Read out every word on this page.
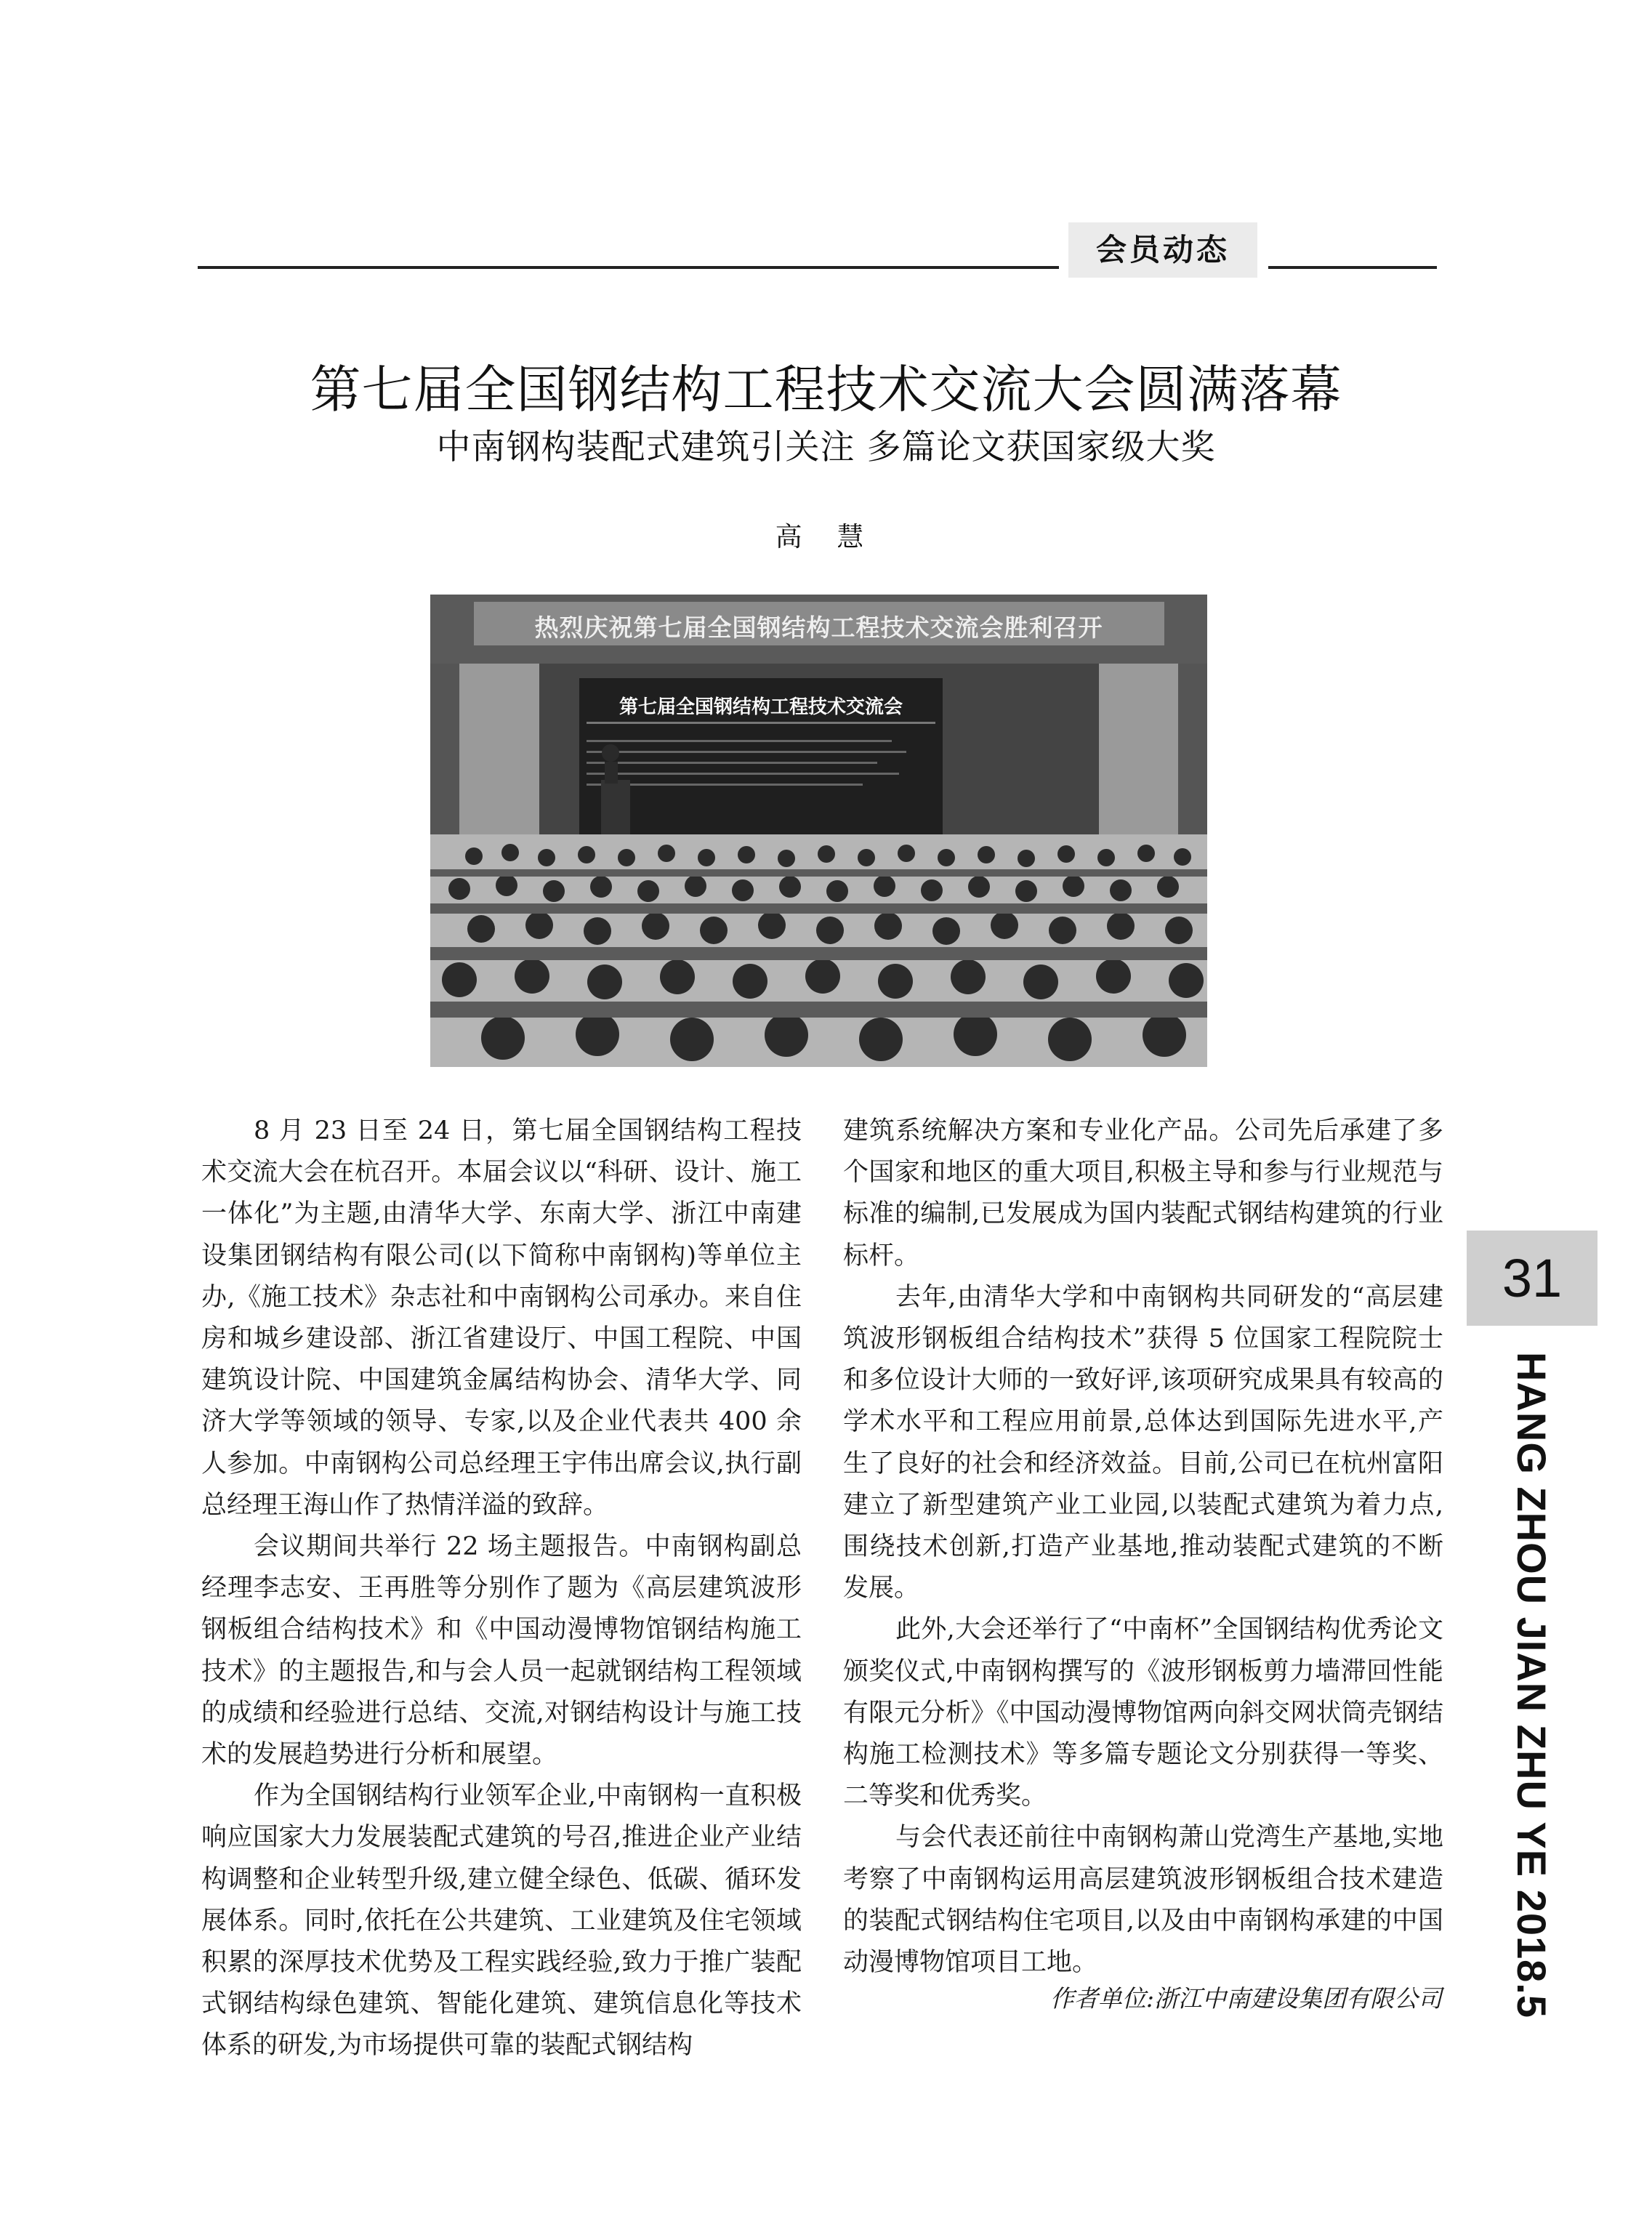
会员动态
第七届全国钢结构工程技术交流大会圆满落幕
中南钢构装配式建筑引关注 多篇论文获国家级大奖
高 慧
热烈庆祝第七届全国钢结构工程技术交流会胜利召开
第七届全国钢结构工程技术交流会

8 月 23 日至 24 日，第七届全国钢结构工程技术交流大会在杭召开。本届会议以“科研、设计、施工一体化”为主题,由清华大学、东南大学、浙江中南建设集团钢结构有限公司(以下简称中南钢构)等单位主办,《施工技术》杂志社和中南钢构公司承办。来自住房和城乡建设部、浙江省建设厅、中国工程院、中国建筑设计院、中国建筑金属结构协会、清华大学、同济大学等领域的领导、专家,以及企业代表共 400 余人参加。中南钢构公司总经理王宇伟出席会议,执行副总经理王海山作了热情洋溢的致辞。

会议期间共举行 22 场主题报告。中南钢构副总经理李志安、王再胜等分别作了题为《高层建筑波形钢板组合结构技术》和《中国动漫博物馆钢结构施工技术》的主题报告,和与会人员一起就钢结构工程领域的成绩和经验进行总结、交流,对钢结构设计与施工技术的发展趋势进行分析和展望。

作为全国钢结构行业领军企业,中南钢构一直积极响应国家大力发展装配式建筑的号召,推进企业产业结构调整和企业转型升级,建立健全绿色、低碳、循环发展体系。同时,依托在公共建筑、工业建筑及住宅领域积累的深厚技术优势及工程实践经验,致力于推广装配式钢结构绿色建筑、智能化建筑、建筑信息化等技术体系的研发,为市场提供可靠的装配式钢结构

建筑系统解决方案和专业化产品。公司先后承建了多个国家和地区的重大项目,积极主导和参与行业规范与标准的编制,已发展成为国内装配式钢结构建筑的行业标杆。

去年,由清华大学和中南钢构共同研发的“高层建筑波形钢板组合结构技术”获得 5 位国家工程院院士和多位设计大师的一致好评,该项研究成果具有较高的学术水平和工程应用前景,总体达到国际先进水平,产生了良好的社会和经济效益。目前,公司已在杭州富阳建立了新型建筑产业工业园,以装配式建筑为着力点,围绕技术创新,打造产业基地,推动装配式建筑的不断发展。

此外,大会还举行了“中南杯”全国钢结构优秀论文颁奖仪式,中南钢构撰写的《波形钢板剪力墙滞回性能有限元分析》《中国动漫博物馆两向斜交网状筒壳钢结构施工检测技术》等多篇专题论文分别获得一等奖、二等奖和优秀奖。

与会代表还前往中南钢构萧山党湾生产基地,实地考察了中南钢构运用高层建筑波形钢板组合技术建造的装配式钢结构住宅项目,以及由中南钢构承建的中国动漫博物馆项目工地。

31
HANG ZHOU JIAN ZHU YE 2018.5
作者单位:浙江中南建设集团有限公司
